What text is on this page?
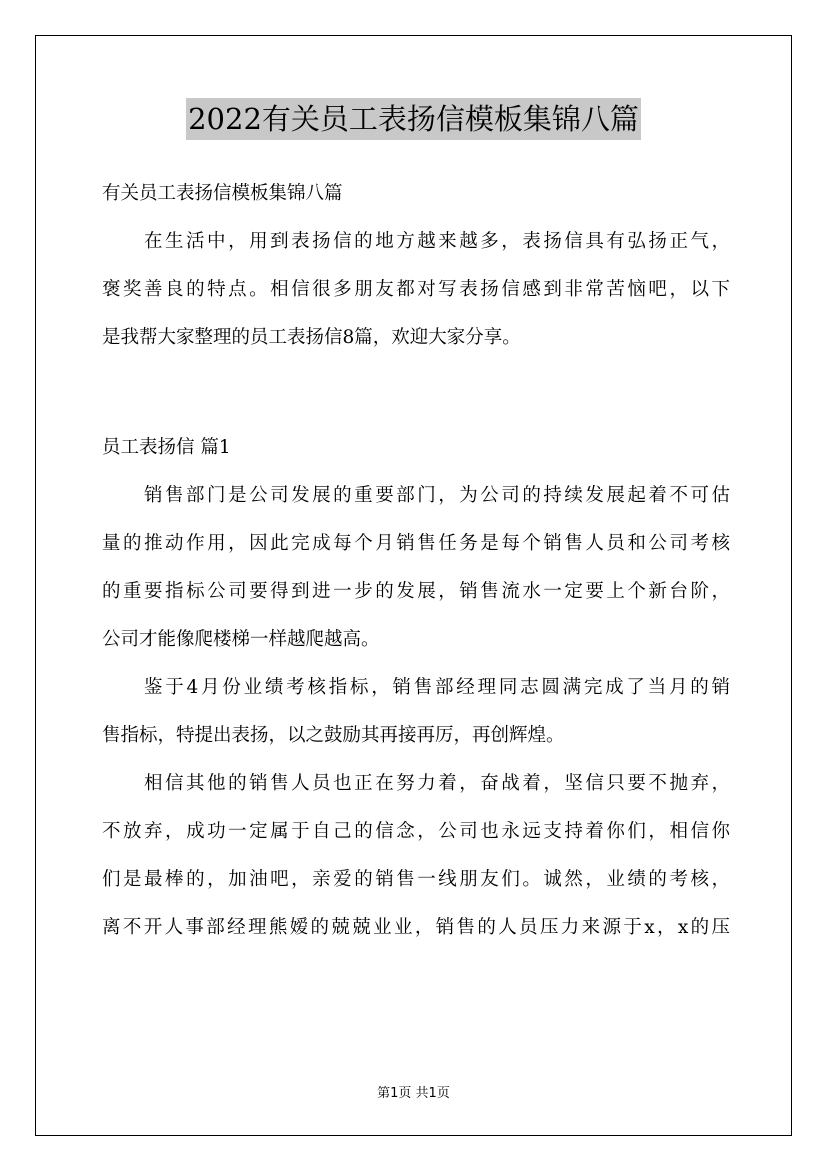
2022有关员工表扬信模板集锦八篇
有关员工表扬信模板集锦八篇
在生活中，用到表扬信的地方越来越多，表扬信具有弘扬正气，
褒奖善良的特点。相信很多朋友都对写表扬信感到非常苦恼吧，以下
是我帮大家整理的员工表扬信8篇，欢迎大家分享。
员工表扬信 篇1
销售部门是公司发展的重要部门，为公司的持续发展起着不可估
量的推动作用，因此完成每个月销售任务是每个销售人员和公司考核
的重要指标公司要得到进一步的发展，销售流水一定要上个新台阶，
公司才能像爬楼梯一样越爬越高。
鉴于4月份业绩考核指标，销售部经理同志圆满完成了当月的销
售指标，特提出表扬，以之鼓励其再接再厉，再创辉煌。
相信其他的销售人员也正在努力着，奋战着，坚信只要不抛弃，
不放弃，成功一定属于自己的信念，公司也永远支持着你们，相信你
们是最棒的，加油吧，亲爱的销售一线朋友们。诚然，业绩的考核，
离不开人事部经理熊嫒的兢兢业业，销售的人员压力来源于x，x的压
第1页 共1页
